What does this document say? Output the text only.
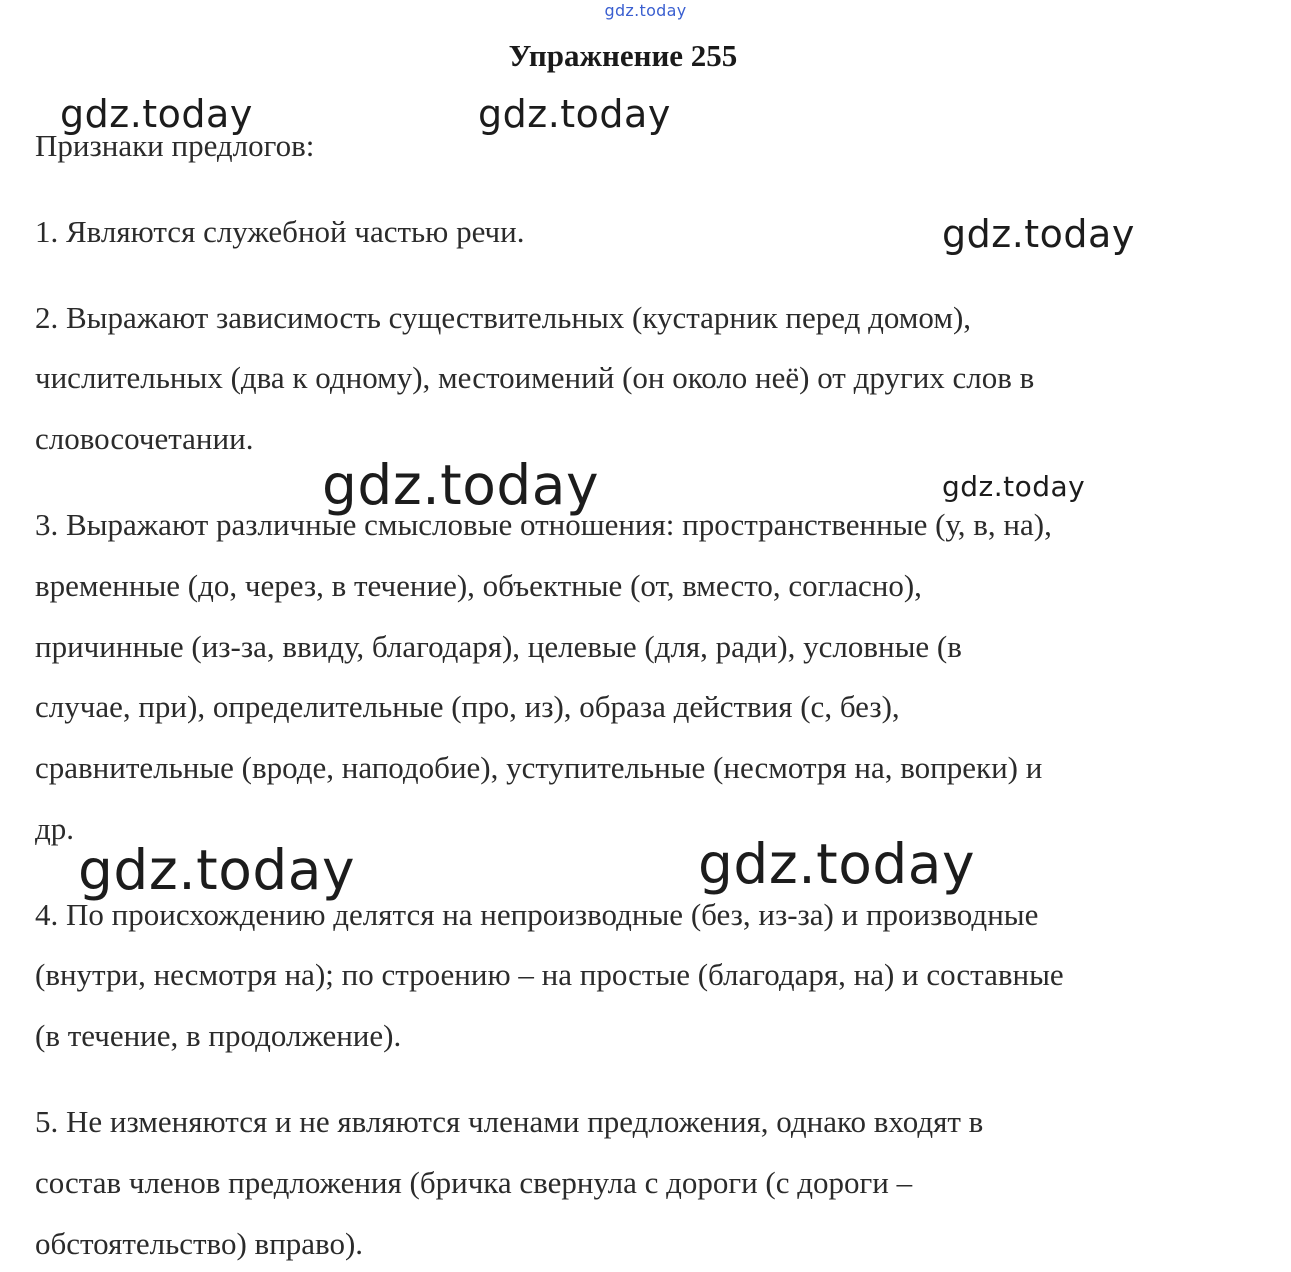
gdz.today
Упражнение 255
Признаки предлогов:
1. Являются служебной частью речи.
2. Выражают зависимость существительных (кустарник перед домом),
числительных (два к одному), местоимений (он около неё) от других слов в
словосочетании.
3. Выражают различные смысловые отношения: пространственные (у, в, на),
временные (до, через, в течение), объектные (от, вместо, согласно),
причинные (из-за, ввиду, благодаря), целевые (для, ради), условные (в
случае, при), определительные (про, из), образа действия (с, без),
сравнительные (вроде, наподобие), уступительные (несмотря на, вопреки) и
др.
4. По происхождению делятся на непроизводные (без, из-за) и производные
(внутри, несмотря на); по строению – на простые (благодаря, на) и составные
(в течение, в продолжение).
5. Не изменяются и не являются членами предложения, однако входят в
состав членов предложения (бричка свернула с дороги (с дороги –
обстоятельство) вправо).
gdz.today	gdz.today
gdz.today
gdz.today	gdz.today
gdz.today	gdz.today
